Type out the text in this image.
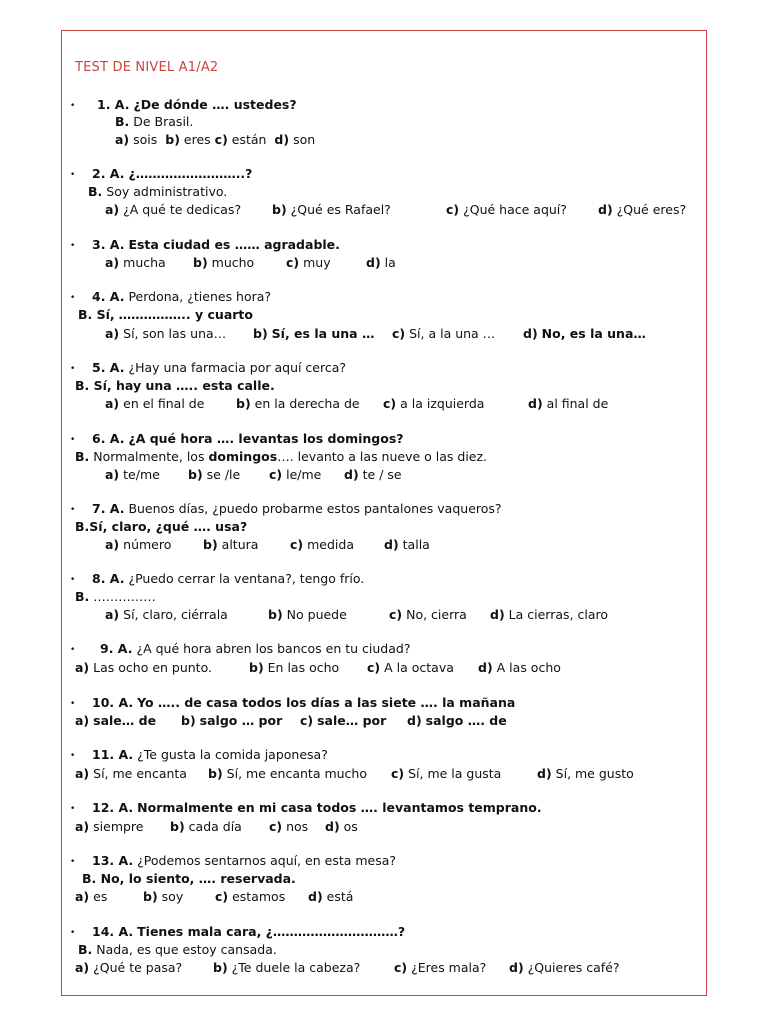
TEST DE NIVEL A1/A2
• 1. A. ¿De dónde …. ustedes?
B. De Brasil.
a) sois b) eres c) están d) son
• 2. A. ¿……………………..?
B. Soy administrativo.
a) ¿A qué te dedicas? b) ¿Qué es Rafael?	c) ¿Qué hace aquí? d) ¿Qué eres?
• 3. A. Esta ciudad es …… agradable.
a) mucha b) mucho	c) muy	d) la
• 4. A. Perdona, ¿tienes hora?
B. Sí, …………….. y cuarto
a) Sí, son las una… b) Sí, es la una … c) Sí, a la una … d) No, es la una…
• 5. A. ¿Hay una farmacia por aquí cerca?
B. Sí, hay una ….. esta calle.
a) en el final de	b) en la derecha de c) a la izquierda	d) al final de
• 6. A. ¿A qué hora …. levantas los domingos?
B. Normalmente, los domingos…. levanto a las nueve o las diez.
a) te/me b) se /le c) le/me d) te / se
• 7. A. Buenos días, ¿puedo probarme estos pantalones vaqueros?
B.Sí, claro, ¿qué …. usa?
a) número	b) altura	c) medida d) talla
• 8. A. ¿Puedo cerrar la ventana?, tengo frío.
B. ……………
a) Sí, claro, ciérrala	b) No puede	c) No, cierra d) La cierras, claro
• 9. A. ¿A qué hora abren los bancos en tu ciudad?
a) Las ocho en punto.	b) En las ocho c) A la octava d) A las ocho
• 10. A. Yo ….. de casa todos los días a las siete …. la mañana
a) sale… de b) salgo … por c) sale… por d) salgo …. de
• 11. A. ¿Te gusta la comida japonesa?
a) Sí, me encanta b) Sí, me encanta mucho c) Sí, me la gusta	d) Sí, me gusto
• 12. A. Normalmente en mi casa todos …. levantamos temprano.
a) siempre b) cada día c) nos d) os
• 13. A. ¿Podemos sentarnos aquí, en esta mesa?
B. No, lo siento, …. reservada.
a) es	b) soy	c) estamos d) está
• 14. A. Tienes mala cara, ¿…………………………?
B. Nada, es que estoy cansada.
a) ¿Qué te pasa? b) ¿Te duele la cabeza?	c) ¿Eres mala? d) ¿Quieres café?
